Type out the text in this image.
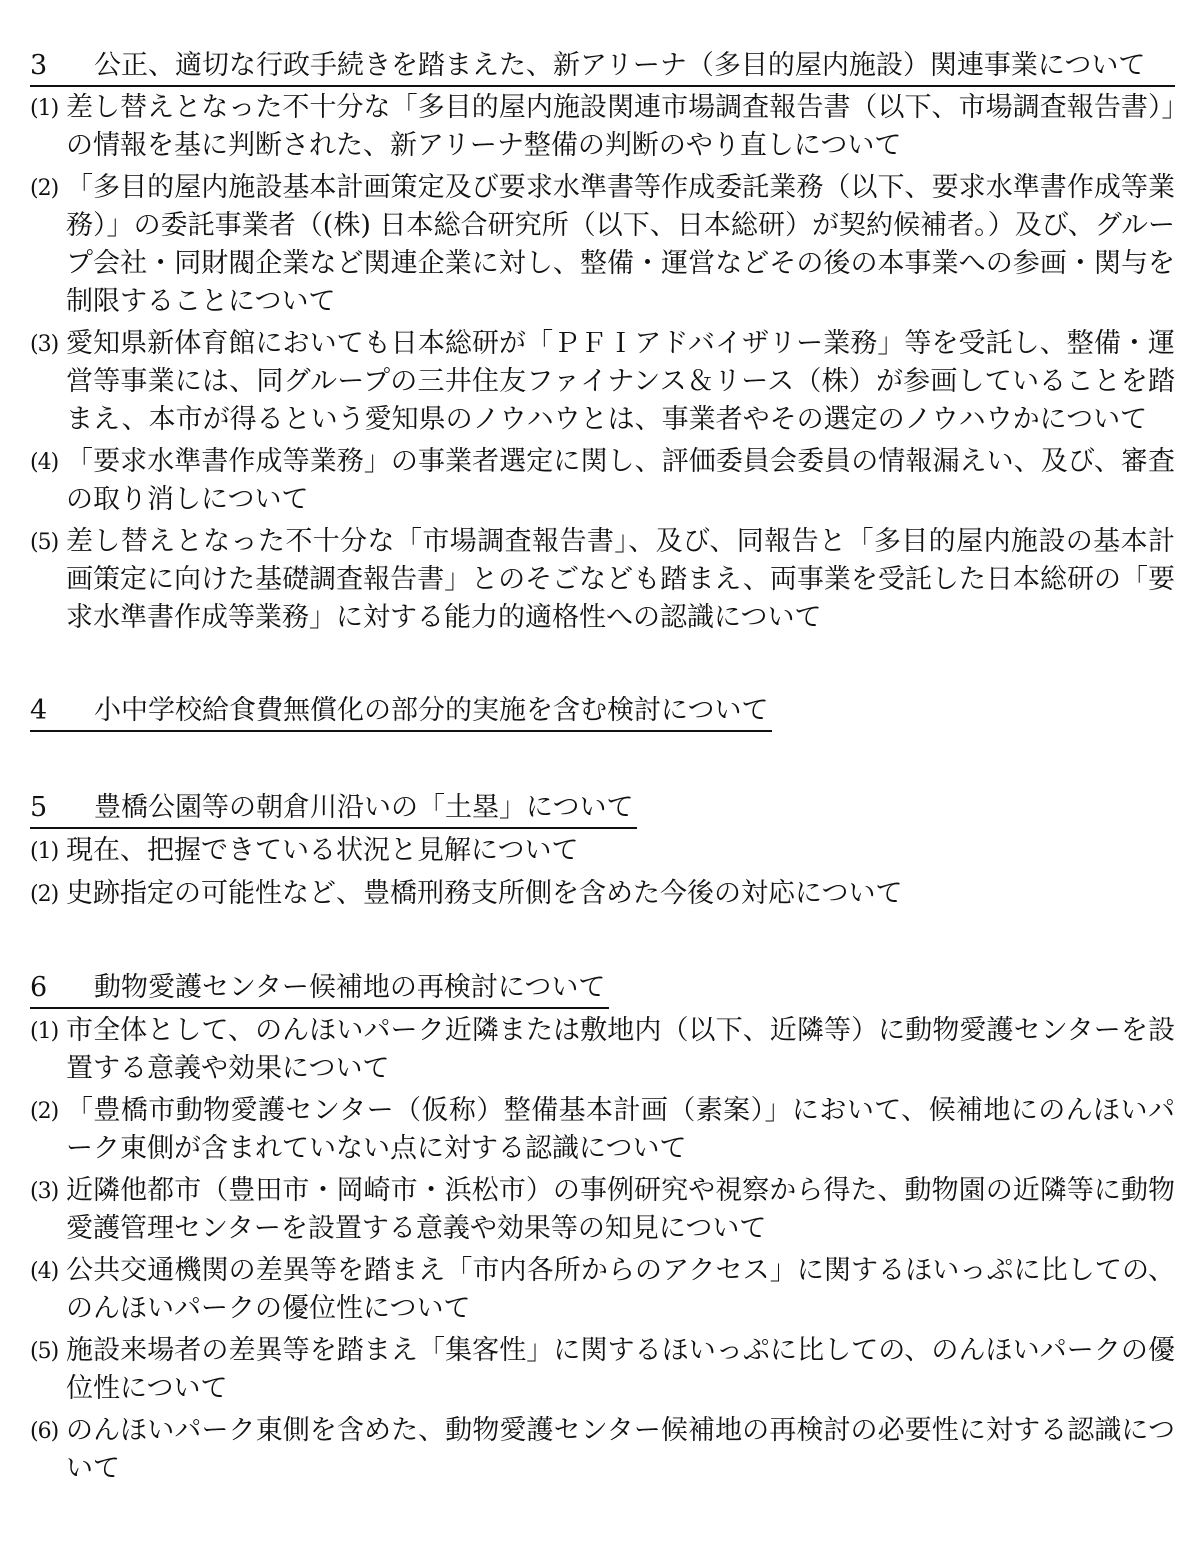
3 公正、適切な行政手続きを踏まえた、新アリーナ（多目的屋内施設）関連事業について
(1) 差し替えとなった不十分な「多目的屋内施設関連市場調査報告書（以下、市場調査報告書）」の情報を基に判断された、新アリーナ整備の判断のやり直しについて
(2) 「多目的屋内施設基本計画策定及び要求水準書等作成委託業務（以下、要求水準書作成等業務）」の委託事業者（(株) 日本総合研究所（以下、日本総研）が契約候補者。）及び、グループ会社・同財閥企業など関連企業に対し、整備・運営などその後の本事業への参画・関与を制限することについて
(3) 愛知県新体育館においても日本総研が「ＰＦＩアドバイザリー業務」等を受託し、整備・運営等事業には、同グループの三井住友ファイナンス＆リース（株）が参画していることを踏まえ、本市が得るという愛知県のノウハウとは、事業者やその選定のノウハウかについて
(4) 「要求水準書作成等業務」の事業者選定に関し、評価委員会委員の情報漏えい、及び、審査の取り消しについて
(5) 差し替えとなった不十分な「市場調査報告書」、及び、同報告と「多目的屋内施設の基本計画策定に向けた基礎調査報告書」とのそごなども踏まえ、両事業を受託した日本総研の「要求水準書作成等業務」に対する能力的適格性への認識について
4 小中学校給食費無償化の部分的実施を含む検討について
5 豊橋公園等の朝倉川沿いの「土塁」について
(1) 現在、把握できている状況と見解について
(2) 史跡指定の可能性など、豊橋刑務支所側を含めた今後の対応について
6 動物愛護センター候補地の再検討について
(1) 市全体として、のんほいパーク近隣または敷地内（以下、近隣等）に動物愛護センターを設置する意義や効果について
(2) 「豊橋市動物愛護センター（仮称）整備基本計画（素案）」において、候補地にのんほいパーク東側が含まれていない点に対する認識について
(3) 近隣他都市（豊田市・岡崎市・浜松市）の事例研究や視察から得た、動物園の近隣等に動物愛護管理センターを設置する意義や効果等の知見について
(4) 公共交通機関の差異等を踏まえ「市内各所からのアクセス」に関するほいっぷに比しての、のんほいパークの優位性について
(5) 施設来場者の差異等を踏まえ「集客性」に関するほいっぷに比しての、のんほいパークの優位性について
(6) のんほいパーク東側を含めた、動物愛護センター候補地の再検討の必要性に対する認識について
